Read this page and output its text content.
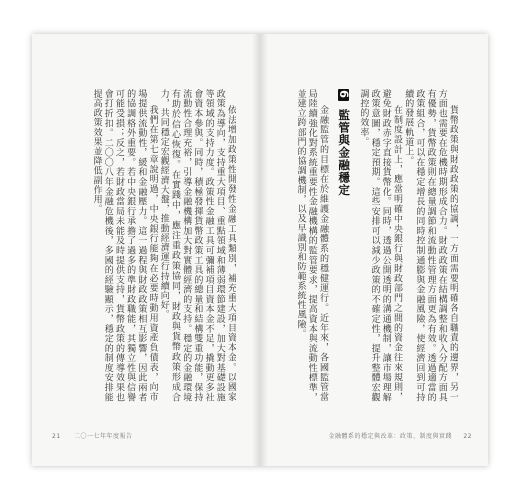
依法增加政策性開發性金融工具類別，補充重大項目資本金。以國家政策為導向，支持重大項目、重點領域和薄弱環節建設，加大對基礎設施等領域的支持力度。政策性金融工具可彌補項目資本金不足，撬動更多社會資本參與。同時，積極發揮貨幣政策工具的總量和結構雙重功能，保持流動性合理充裕，引導金融機構加大對實體經濟的支持。穩定的金融環境有助於信心恢復。在實踐中，應注重政策協同，財政與貨幣政策形成合力，共同穩定宏觀經濟大盤，推動經濟運行持續向好。

我們在第七章說明過，中央銀行能夠在必要時動用資產負債表，向市場提供流動性，緩和金融壓力。這一過程與財政政策相互影響，因此兩者的協調格外重要。若中央銀行承擔了過多的準財政職能，其獨立性與信譽可能受損；反之，若財政當局未能及時提供支持，貨幣政策的傳導效果也會打折扣。二〇〇八年金融危機後，多國的經驗顯示，穩定的制度安排能提高政策效果並降低副作用。

21 二〇一七年年度報告

貨幣政策與財政政策的協調，一方面需要明確各自職責的邊界，另一方面也需要在危機時期形成合力。財政政策在結構調整和收入分配方面具有優勢，貨幣政策則在總量調節和流動性管理方面更為有效。透過適當的政策組合，可以在穩定增長的同時控制通膨與金融風險，使經濟回到可持續的發展軌道上。

在制度設計上，應當明確中央銀行與財政部門之間的資金往來規則，避免財政赤字直接貨幣化。同時，透過公開透明的溝通機制，讓市場理解政策意圖，穩定預期。這些安排可以減少政策的不確定性，提升整體宏觀調控的效率。

6 監管與金融穩定

金融監管的目標在於維護金融體系的穩健運行。近年來，各國監管當局陸續強化對系統重要性金融機構的監管要求，提高資本與流動性標準，並建立跨部門的協調機制，以及早識別和防範系統性風險。

金融體系的穩定與改革：政策、制度與實踐 22
